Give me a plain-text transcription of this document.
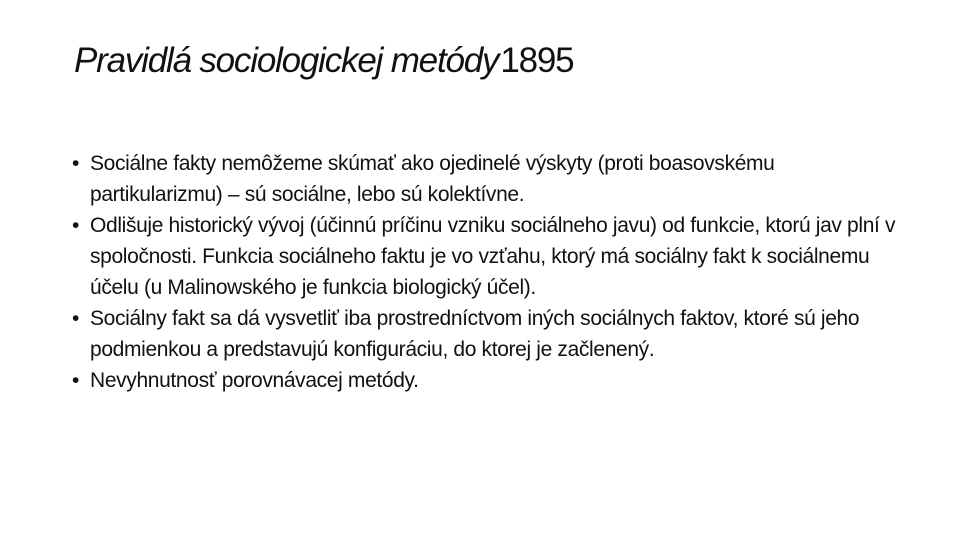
Pravidlá sociologickej metódy1895
• Sociálne fakty nemôžeme skúmať ako ojedinelé výskyty (proti boasovskému partikularizmu) – sú sociálne, lebo sú kolektívne.
• Odlišuje historický vývoj (účinnú príčinu vzniku sociálneho javu) od funkcie, ktorú jav plní v spoločnosti. Funkcia sociálneho faktu je vo vzťahu, ktorý má sociálny fakt k sociálnemu účelu (u Malinowského je funkcia biologický účel).
• Sociálny fakt sa dá vysvetliť iba prostredníctvom iných sociálnych faktov, ktoré sú jeho podmienkou a predstavujú konfiguráciu, do ktorej je začlenený.
• Nevyhnutnosť porovnávacej metódy.
